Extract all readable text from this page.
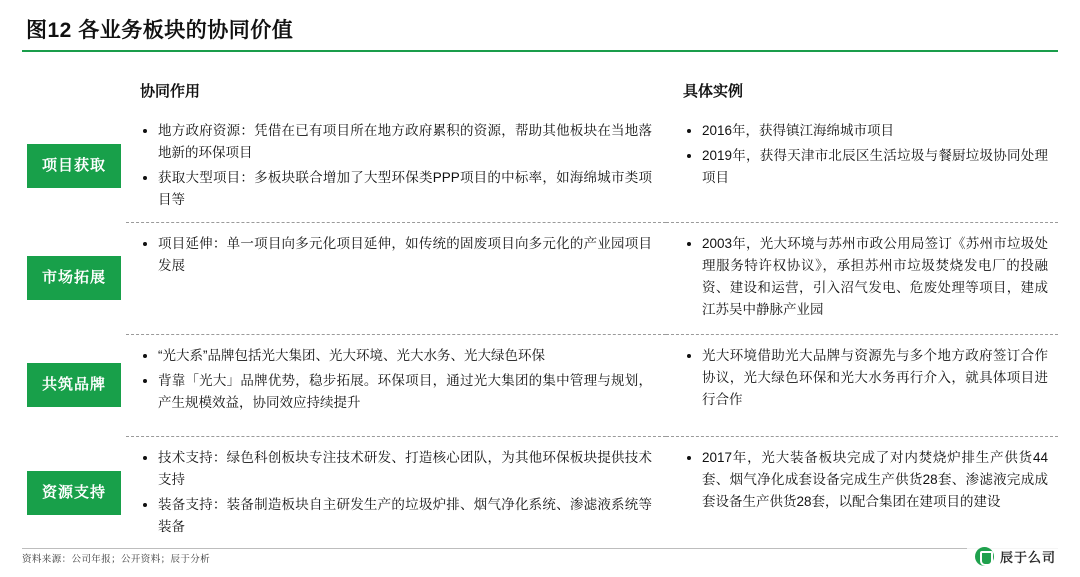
图12 各业务板块的协同价值
协同作用	具体实例
项目获取
地方政府资源：凭借在已有项目所在地方政府累积的资源，帮助其他板块在当地落地新的环保项目
获取大型项目：多板块联合增加了大型环保类PPP项目的中标率，如海绵城市类项目等
2016年，获得镇江海绵城市项目
2019年，获得天津市北辰区生活垃圾与餐厨垃圾协同处理项目
市场拓展
项目延伸：单一项目向多元化项目延伸，如传统的固废项目向多元化的产业园项目发展
2003年，光大环境与苏州市政公用局签订《苏州市垃圾处理服务特许权协议》，承担苏州市垃圾焚烧发电厂的投融资、建设和运营，引入沼气发电、危废处理等项目，建成江苏吴中静脉产业园
共筑品牌
“光大系”品牌包括光大集团、光大环境、光大水务、光大绿色环保
背靠「光大」品牌优势，稳步拓展。环保项目，通过光大集团的集中管理与规划，产生规模效益，协同效应持续提升
光大环境借助光大品牌与资源先与多个地方政府签订合作协议，光大绿色环保和光大水务再行介入，就具体项目进行合作
资源支持
技术支持：绿色科创板块专注技术研发、打造核心团队，为其他环保板块提供技术支持
装备支持：装备制造板块自主研发生产的垃圾炉排、烟气净化系统、渗滤液系统等装备
2017年，光大装备板块完成了对内焚烧炉排生产供货44套、烟气净化成套设备完成生产供货28套、渗滤液完成成套设备生产供货28套，以配合集团在建项目的建设
资料来源：公司年报；公开资料；辰于分析	辰于么司
